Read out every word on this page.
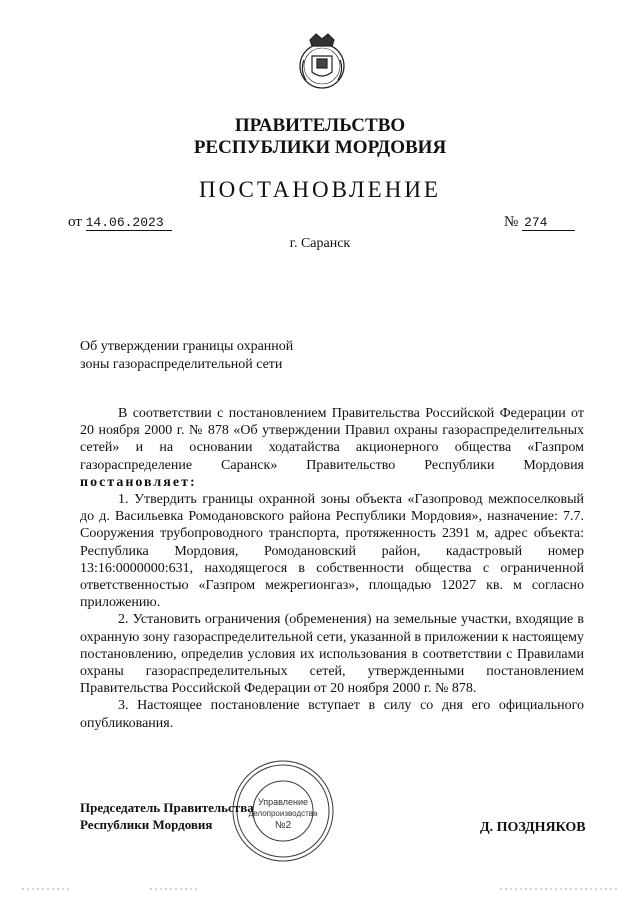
ПРАВИТЕЛЬСТВО
РЕСПУБЛИКИ МОРДОВИЯ
ПОСТАНОВЛЕНИЕ
от 14.06.2023	№ 274
г. Саранск
Об утверждении границы охранной
зоны газораспределительной сети

В соответствии с постановлением Правительства Российской Федерации от 20 ноября 2000 г. № 878 «Об утверждении Правил охраны газораспределительных сетей» и на основании ходатайства акционерного общества «Газпром газораспределение Саранск» Правительство Республики Мордовия постановляет:

1. Утвердить границы охранной зоны объекта «Газопровод межпоселковый до д. Васильевка Ромодановского района Республики Мордовия», назначение: 7.7. Сооружения трубопроводного транспорта, протяженность 2391 м, адрес объекта: Республика Мордовия, Ромодановский район, кадастровый номер 13:16:0000000:631, находящегося в собственности общества с ограниченной ответственностью «Газпром межрегионгаз», площадью 12027 кв. м согласно приложению.

2. Установить ограничения (обременения) на земельные участки, входящие в охранную зону газораспределительной сети, указанной в приложении к настоящему постановлению, определив условия их использования в соответствии с Правилами охраны газораспределительных сетей, утвержденными постановлением Правительства Российской Федерации от 20 ноября 2000 г. № 878.

3. Настоящее постановление вступает в силу со дня его официального опубликования.

Управление
делопроизводства
№2
Председатель Правительства
Республики Мордовия	Д. ПОЗДНЯКОВ
